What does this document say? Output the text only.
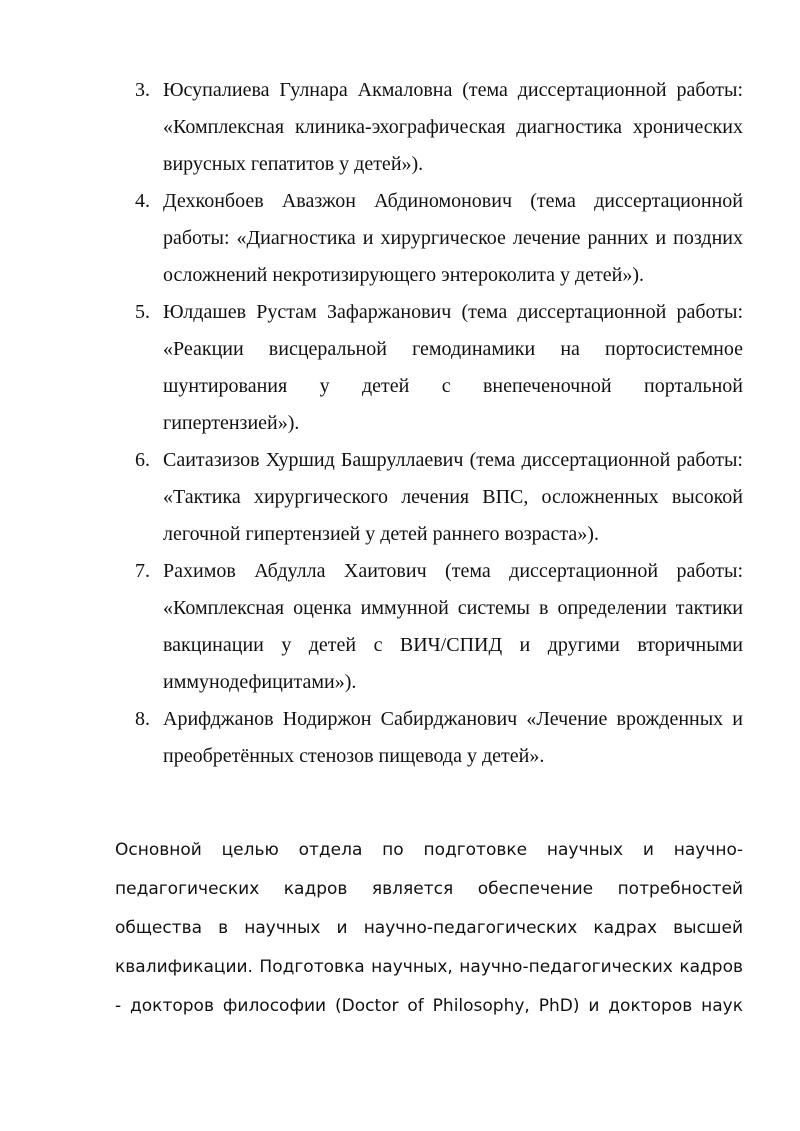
3. Юсупалиева Гулнара Акмаловна (тема диссертационной работы: «Комплексная клиника-эхографическая диагностика хронических вирусных гепатитов у детей»).
4. Дехконбоев Авазжон Абдиномонович (тема диссертационной работы: «Диагностика и хирургическое лечение ранних и поздних осложнений некротизирующего энтероколита у детей»).
5. Юлдашев Рустам Зафаржанович (тема диссертационной работы: «Реакции висцеральной гемодинамики на портосистемное шунтирования у детей с внепеченочной портальной гипертензией»).
6. Саитазизов Хуршид Башруллаевич (тема диссертационной работы: «Тактика хирургического лечения ВПС, осложненных высокой легочной гипертензией у детей раннего возраста»).
7. Рахимов Абдулла Хаитович (тема диссертационной работы: «Комплексная оценка иммунной системы в определении тактики вакцинации у детей с ВИЧ/СПИД и другими вторичными иммунодефицитами»).
8. Арифджанов Нодиржон Сабирджанович «Лечение врожденных и преобретённых стенозов пищевода у детей».

Основной целью отдела по подготовке научных и научно-педагогических кадров является обеспечение потребностей общества в научных и научно-педагогических кадрах высшей квалификации. Подготовка научных, научно-педагогических кадров - докторов философии (Doctor of Philosophy, PhD) и докторов наук
